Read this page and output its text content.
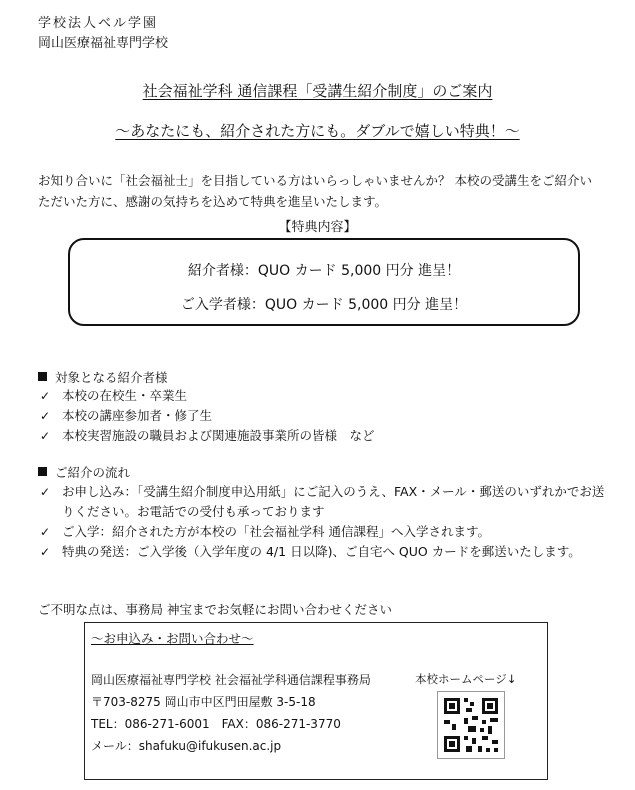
学校法人ベル学園
岡山医療福祉専門学校
社会福祉学科 通信課程「受講生紹介制度」のご案内
～あなたにも、紹介された方にも。ダブルで嬉しい特典！～
お知り合いに「社会福祉士」を目指している方はいらっしゃいませんか？ 本校の受講生をご紹介いただいた方に、感謝の気持ちを込めて特典を進呈いたします。
【特典内容】
紹介者様：QUO カード 5,000 円分 進呈！
ご入学者様：QUO カード 5,000 円分 進呈！
対象となる紹介者様
✓ 本校の在校生・卒業生
✓ 本校の講座参加者・修了生
✓ 本校実習施設の職員および関連施設事業所の皆様　など
ご紹介の流れ
✓ お申し込み：「受講生紹介制度申込用紙」にご記入のうえ、FAX・メール・郵送のいずれかでお送りください。お電話での受付も承っております
✓ ご入学：紹介された方が本校の「社会福祉学科 通信課程」へ入学されます。
✓ 特典の発送：ご入学後（入学年度の 4/1 日以降)、ご自宅へ QUO カードを郵送いたします。
ご不明な点は、事務局 神宝までお気軽にお問い合わせください
～お申込み・お問い合わせ～
岡山医療福祉専門学校 社会福祉学科通信課程事務局
〒703-8275 岡山市中区門田屋敷 3-5-18
TEL：086-271-6001　FAX：086-271-3770
メール：shafuku@ifukusen.ac.jp
本校ホームページ↓
